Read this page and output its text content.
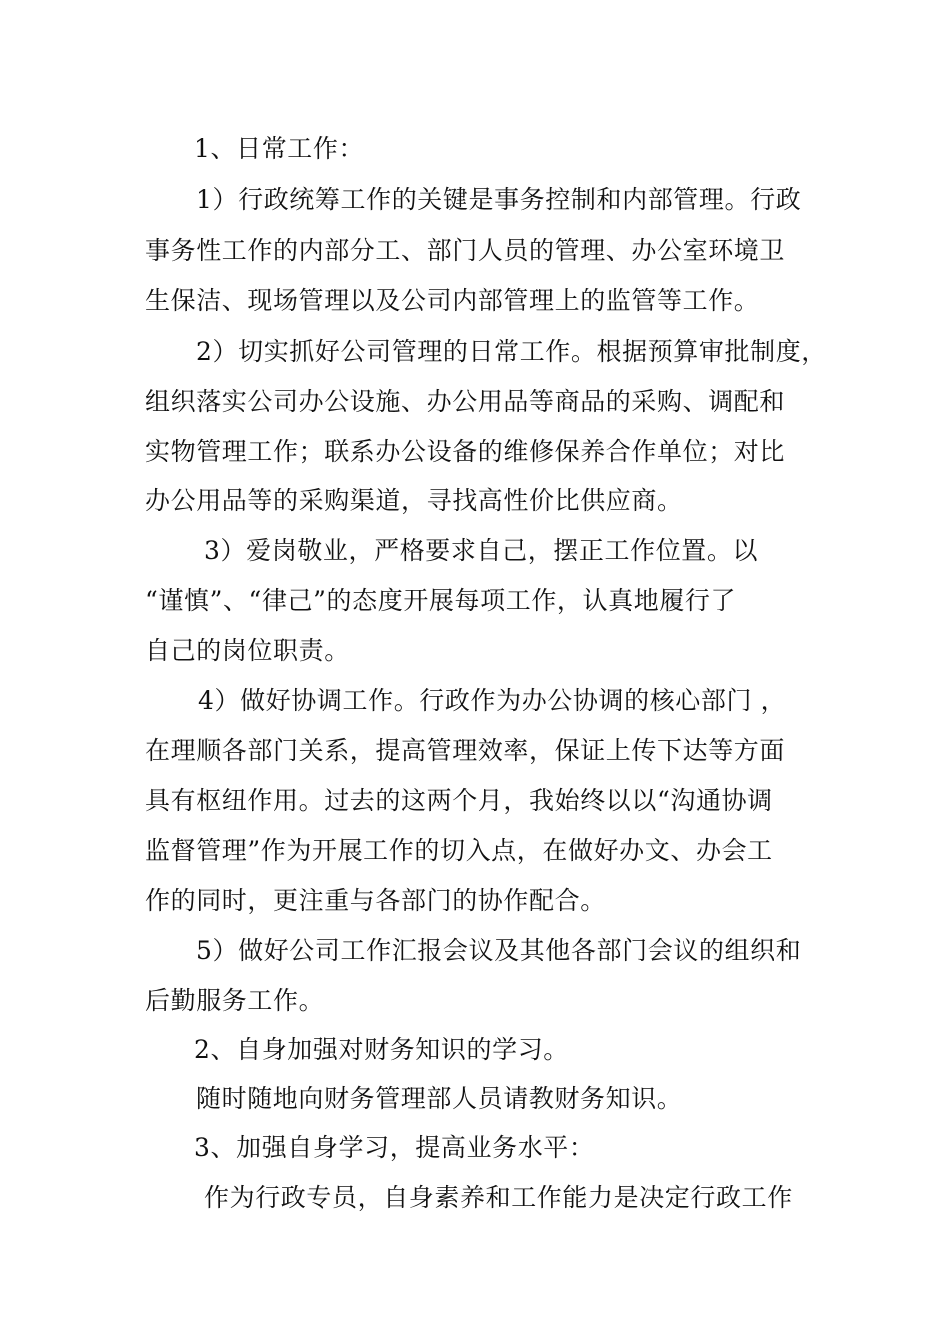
1、日常工作：
1）行政统筹工作的关键是事务控制和内部管理。行政
事务性工作的内部分工、部门人员的管理、办公室环境卫
生保洁、现场管理以及公司内部管理上的监管等工作。
2）切实抓好公司管理的日常工作。根据预算审批制度，
组织落实公司办公设施、办公用品等商品的采购、调配和
实物管理工作；联系办公设备的维修保养合作单位；对比
办公用品等的采购渠道，寻找高性价比供应商。
3）爱岗敬业，严格要求自己，摆正工作位置。以
“谨慎”、“律己”的态度开展每项工作，认真地履行了
自己的岗位职责。
4）做好协调工作。行政作为办公协调的核心部门 ，
在理顺各部门关系，提高管理效率，保证上传下达等方面
具有枢纽作用。过去的这两个月，我始终以以“沟通协调
监督管理”作为开展工作的切入点，在做好办文、办会工
作的同时，更注重与各部门的协作配合。
5）做好公司工作汇报会议及其他各部门会议的组织和
后勤服务工作。
2、自身加强对财务知识的学习。
随时随地向财务管理部人员请教财务知识。
3、加强自身学习，提高业务水平：
作为行政专员，自身素养和工作能力是决定行政工作
